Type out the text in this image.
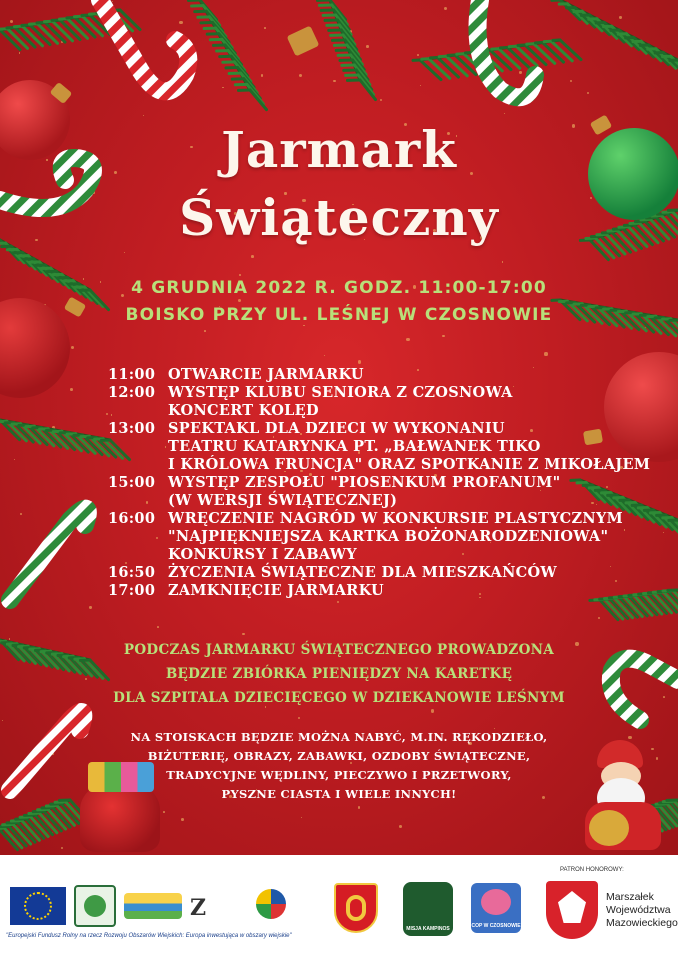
Jarmark
Świąteczny
4 GRUDNIA 2022 R. GODZ. 11:00-17:00
BOISKO PRZY UL. LEŚNEJ W CZOSNOWIE
11:00 OTWARCIE JARMARKU
12:00 WYSTĘP KLUBU SENIORA Z CZOSNOWA
KONCERT KOLĘD
13:00 SPEKTAKL DLA DZIECI W WYKONANIU
TEATRU KATARYNKA PT. „BAŁWANEK TIKO
I KRÓLOWA FRUNCJA" ORAZ SPOTKANIE Z MIKOŁAJEM
15:00 WYSTĘP ZESPOŁU "PIOSENKUM PROFANUM"
(W WERSJI ŚWIĄTECZNEJ)
16:00 WRĘCZENIE NAGRÓD W KONKURSIE PLASTYCZNYM
"NAJPIĘKNIEJSZA KARTKA BOŻONARODZENIOWA"
KONKURSY I ZABAWY
16:50 ŻYCZENIA ŚWIĄTECZNE DLA MIESZKAŃCÓW
17:00 ZAMKNIĘCIE JARMARKU
PODCZAS JARMARKU ŚWIĄTECZNEGO PROWADZONA
BĘDZIE ZBIÓRKA PIENIĘDZY NA KARETKĘ
DLA SZPITALA DZIECIĘCEGO W DZIEKANOWIE LEŚNYM
NA STOISKACH BĘDZIE MOŻNA NABYĆ, M.IN. RĘKODZIEŁO,
BIŻUTERIĘ, OBRAZY, ZABAWKI, OZDOBY ŚWIĄTECZNE,
TRADYCYJNE WĘDLINY, PIECZYWO I PRZETWORY,
PYSZNE CIASTA I WIELE INNYCH!
Z
MISJA KAMPINOS	COP W CZOSNOWIE
"Europejski Fundusz Rolny na rzecz Rozwoju Obszarów Wiejskich: Europa inwestująca w obszary wiejskie"
PATRON HONOROWY:
Marszałek
Województwa
Mazowieckiego
